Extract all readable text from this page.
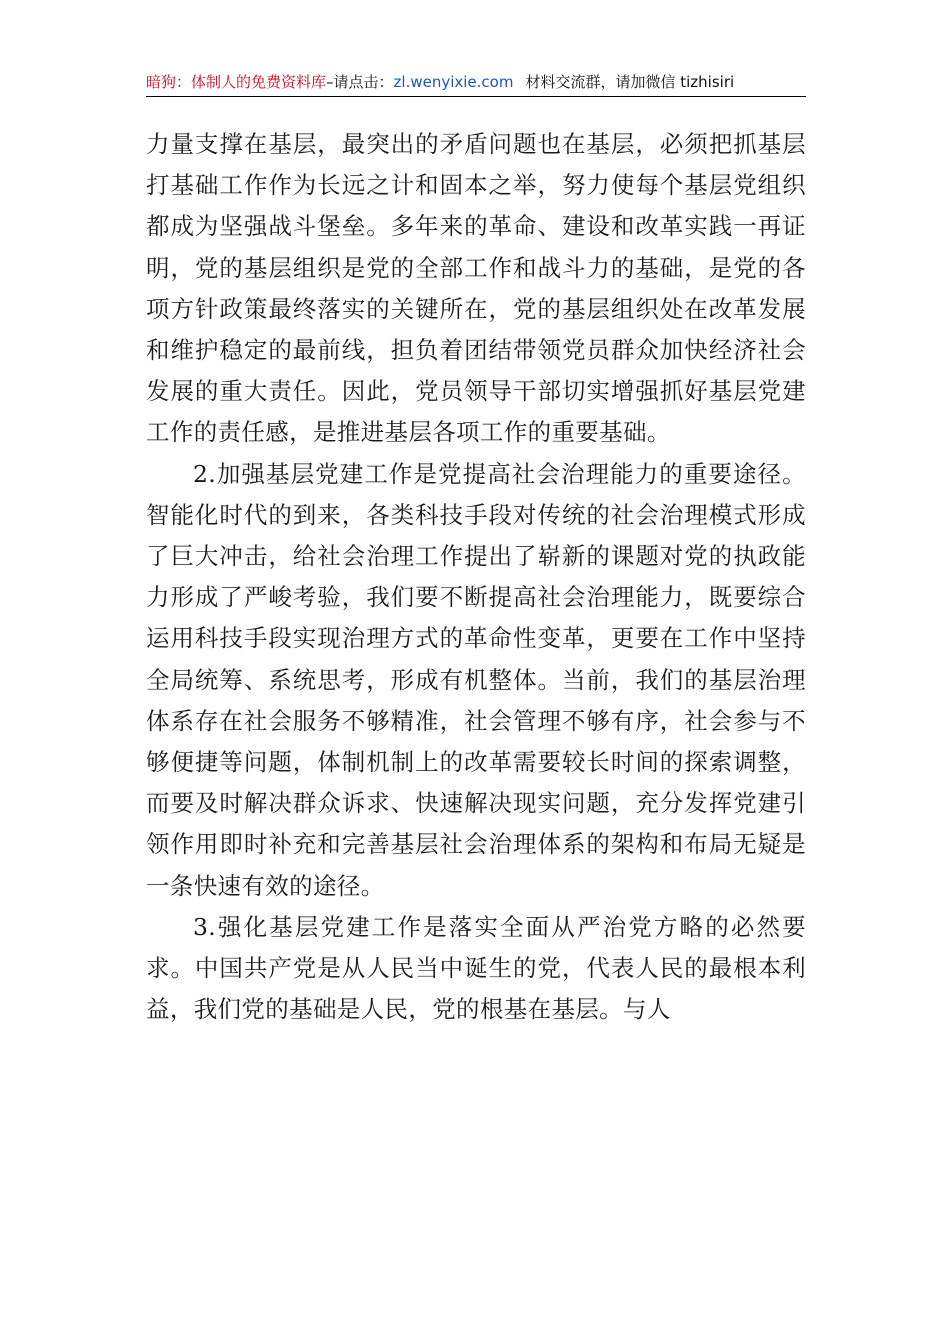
暗狗：体制人的免费资料库–请点击：zl.wenyixie.com 材料交流群，请加微信 tizhisiri

力量支撑在基层，最突出的矛盾问题也在基层，必须把抓基层打基础工作作为长远之计和固本之举，努力使每个基层党组织都成为坚强战斗堡垒。多年来的革命、建设和改革实践一再证明，党的基层组织是党的全部工作和战斗力的基础，是党的各项方针政策最终落实的关键所在，党的基层组织处在改革发展和维护稳定的最前线，担负着团结带领党员群众加快经济社会发展的重大责任。因此，党员领导干部切实增强抓好基层党建工作的责任感，是推进基层各项工作的重要基础。

2.加强基层党建工作是党提高社会治理能力的重要途径。智能化时代的到来，各类科技手段对传统的社会治理模式形成了巨大冲击，给社会治理工作提出了崭新的课题对党的执政能力形成了严峻考验，我们要不断提高社会治理能力，既要综合运用科技手段实现治理方式的革命性变革，更要在工作中坚持全局统筹、系统思考，形成有机整体。当前，我们的基层治理体系存在社会服务不够精准，社会管理不够有序，社会参与不够便捷等问题，体制机制上的改革需要较长时间的探索调整，而要及时解决群众诉求、快速解决现实问题，充分发挥党建引领作用即时补充和完善基层社会治理体系的架构和布局无疑是一条快速有效的途径。

3.强化基层党建工作是落实全面从严治党方略的必然要求。中国共产党是从人民当中诞生的党，代表人民的最根本利益，我们党的基础是人民，党的根基在基层。与人
